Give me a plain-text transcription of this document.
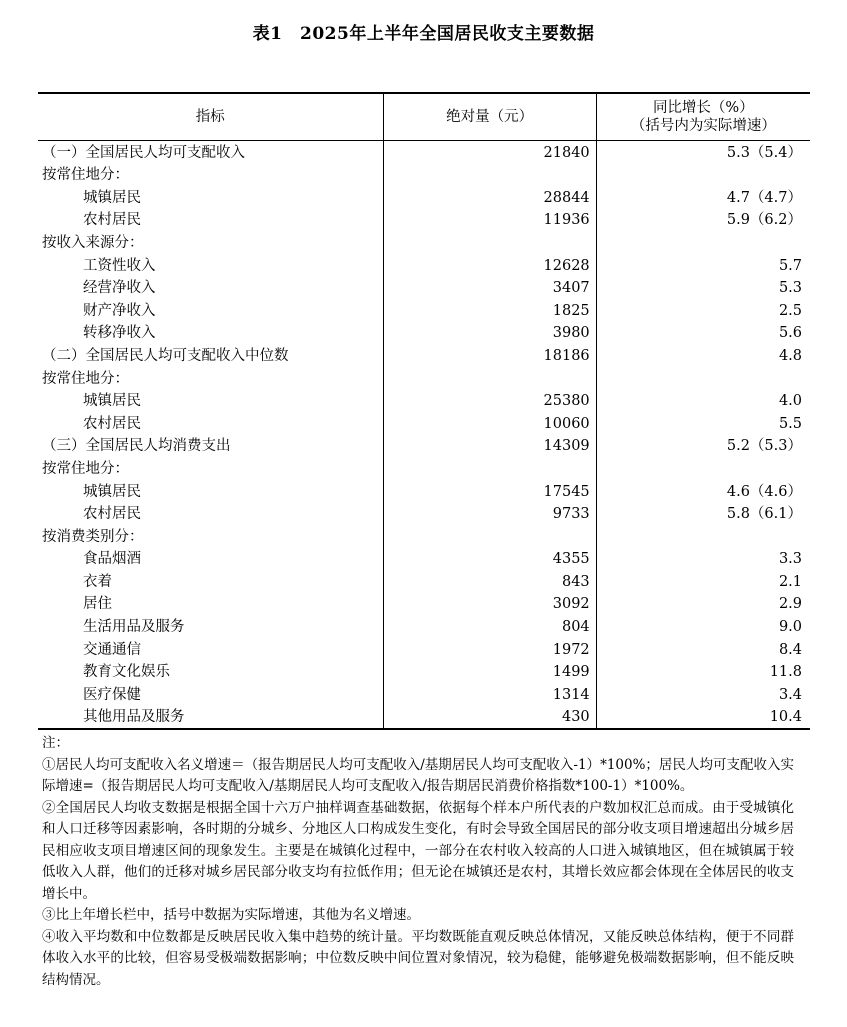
表1　2025年上半年全国居民收支主要数据
指标	绝对量（元）	同比增长（%）
（括号内为实际增速）

（一）全国居民人均可支配收入	21840	5.3（5.4）
按常住地分：		
城镇居民	28844	4.7（4.7）
农村居民	11936	5.9（6.2）
按收入来源分：		
工资性收入	12628	5.7
经营净收入	3407	5.3
财产净收入	1825	2.5
转移净收入	3980	5.6
（二）全国居民人均可支配收入中位数	18186	4.8
按常住地分：		
城镇居民	25380	4.0
农村居民	10060	5.5
（三）全国居民人均消费支出	14309	5.2（5.3）
按常住地分：		
城镇居民	17545	4.6（4.6）
农村居民	9733	5.8（6.1）
按消费类别分：		
食品烟酒	4355	3.3
衣着	843	2.1
居住	3092	2.9
生活用品及服务	804	9.0
交通通信	1972	8.4
教育文化娱乐	1499	11.8
医疗保健	1314	3.4
其他用品及服务	430	10.4

注：

①居民人均可支配收入名义增速＝（报告期居民人均可支配收入/基期居民人均可支配收入-1）*100%；居民人均可支配收入实际增速=（报告期居民人均可支配收入/基期居民人均可支配收入/报告期居民消费价格指数*100-1）*100%。

②全国居民人均收支数据是根据全国十六万户抽样调查基础数据，依据每个样本户所代表的户数加权汇总而成。由于受城镇化和人口迁移等因素影响，各时期的分城乡、分地区人口构成发生变化，有时会导致全国居民的部分收支项目增速超出分城乡居民相应收支项目增速区间的现象发生。主要是在城镇化过程中，一部分在农村收入较高的人口进入城镇地区，但在城镇属于较低收入人群，他们的迁移对城乡居民部分收支均有拉低作用；但无论在城镇还是农村，其增长效应都会体现在全体居民的收支增长中。

③比上年增长栏中，括号中数据为实际增速，其他为名义增速。

④收入平均数和中位数都是反映居民收入集中趋势的统计量。平均数既能直观反映总体情况，又能反映总体结构，便于不同群体收入水平的比较，但容易受极端数据影响；中位数反映中间位置对象情况，较为稳健，能够避免极端数据影响，但不能反映结构情况。
